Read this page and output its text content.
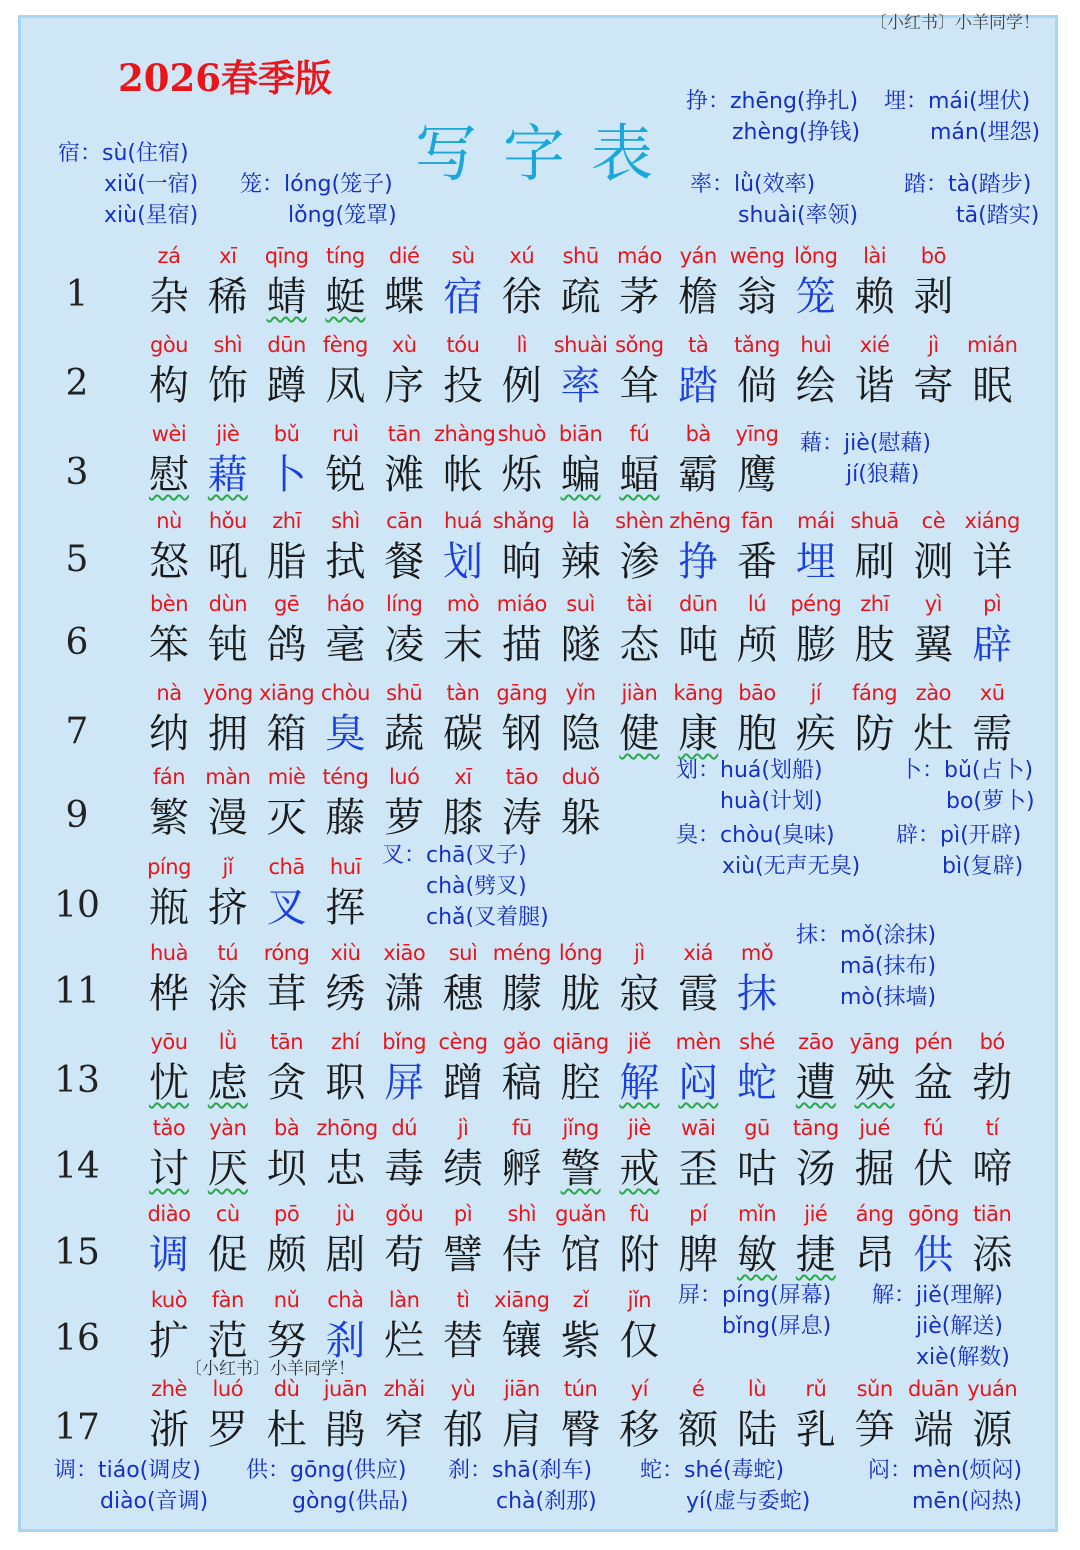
〔小红书〕小羊同学！
2026春季版
写字表
〔小红书〕小羊同学！
宿：sù(住宿)
xiǔ(一宿)
xiù(星宿)
笼：lóng(笼子)
lǒng(笼罩)
挣：zhēng(挣扎)
zhèng(挣钱)
埋：mái(埋伏)
mán(埋怨)
率：lǜ(效率)
shuài(率领)
踏：tà(踏步)
tā(踏实)
藉：jiè(慰藉)
jí(狼藉)
划：huá(划船)
huà(计划)
卜：bǔ(占卜)
bo(萝卜)
臭：chòu(臭味)
xiù(无声无臭)
辟：pì(开辟)
bì(复辟)
叉：chā(叉子)
chà(劈叉)
chǎ(叉着腿)
抹：mǒ(涂抹)
mā(抹布)
mò(抹墙)
屏：píng(屏幕)
bǐng(屏息)
解：jiě(理解)
jiè(解送)
xiè(解数)
调：tiáo(调皮)
diào(音调)
供：gōng(供应)
gòng(供品)
刹：shā(刹车)
chà(刹那)
蛇：shé(毒蛇)
yí(虚与委蛇)
闷：mèn(烦闷)
mēn(闷热)
1
zá
杂
xī
稀
qīng
蜻
tíng
蜓
dié
蝶
sù
宿
xú
徐
shū
疏
máo
茅
yán
檐
wēng
翁
lǒng
笼
lài
赖
bō
剥
2
gòu
构
shì
饰
dūn
蹲
fèng
凤
xù
序
tóu
投
lì
例
shuài
率
sǒng
耸
tà
踏
tǎng
倘
huì
绘
xié
谐
jì
寄
mián
眠
3
wèi
慰
jiè
藉
bǔ
卜
ruì
锐
tān
滩
zhàng
帐
shuò
烁
biān
蝙
fú
蝠
bà
霸
yīng
鹰
5
nù
怒
hǒu
吼
zhī
脂
shì
拭
cān
餐
huá
划
shǎng
晌
là
辣
shèn
渗
zhēng
挣
fān
番
mái
埋
shuā
刷
cè
测
xiáng
详
6
bèn
笨
dùn
钝
gē
鸽
háo
毫
líng
凌
mò
末
miáo
描
suì
隧
tài
态
dūn
吨
lú
颅
péng
膨
zhī
肢
yì
翼
pì
辟
7
nà
纳
yōng
拥
xiāng
箱
chòu
臭
shū
蔬
tàn
碳
gāng
钢
yǐn
隐
jiàn
健
kāng
康
bāo
胞
jí
疾
fáng
防
zào
灶
xū
需
9
fán
繁
màn
漫
miè
灭
téng
藤
luó
萝
xī
膝
tāo
涛
duǒ
躲
10
píng
瓶
jǐ
挤
chā
叉
huī
挥
11
huà
桦
tú
涂
róng
茸
xiù
绣
xiāo
潇
suì
穗
méng
朦
lóng
胧
jì
寂
xiá
霞
mǒ
抹
13
yōu
忧
lǜ
虑
tān
贪
zhí
职
bǐng
屏
cèng
蹭
gǎo
稿
qiāng
腔
jiě
解
mèn
闷
shé
蛇
zāo
遭
yāng
殃
pén
盆
bó
勃
14
tǎo
讨
yàn
厌
bà
坝
zhōng
忠
dú
毒
jì
绩
fū
孵
jǐng
警
jiè
戒
wāi
歪
gū
咕
tāng
汤
jué
掘
fú
伏
tí
啼
15
diào
调
cù
促
pō
颇
jù
剧
gǒu
苟
pì
譬
shì
侍
guǎn
馆
fù
附
pí
脾
mǐn
敏
jié
捷
áng
昂
gōng
供
tiān
添
16
kuò
扩
fàn
范
nǔ
努
chà
刹
làn
烂
tì
替
xiāng
镶
zǐ
紫
jǐn
仅
17
zhè
浙
luó
罗
dù
杜
juān
鹃
zhǎi
窄
yù
郁
jiān
肩
tún
臀
yí
移
é
额
lù
陆
rǔ
乳
sǔn
笋
duān
端
yuán
源
